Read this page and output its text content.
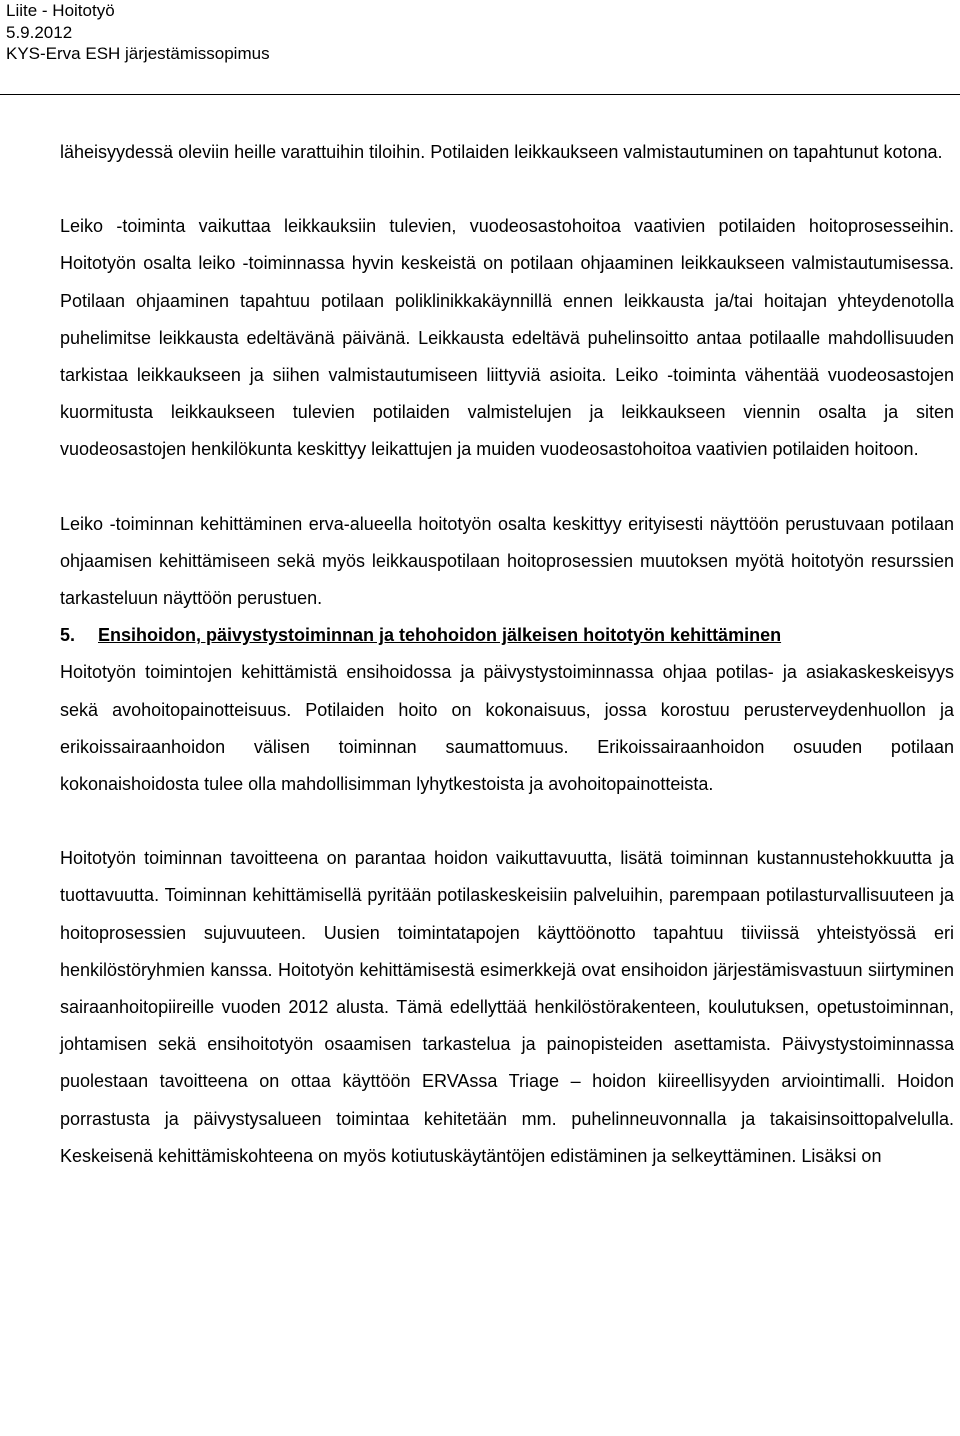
Liite - Hoitotyö
5.9.2012
KYS-Erva ESH järjestämissopimus

läheisyydessä oleviin heille varattuihin tiloihin. Potilaiden leikkaukseen valmistautuminen on tapahtunut kotona.

Leiko -toiminta vaikuttaa leikkauksiin tulevien, vuodeosastohoitoa vaativien potilaiden hoitoprosesseihin. Hoitotyön osalta leiko -toiminnassa hyvin keskeistä on potilaan ohjaaminen leikkaukseen valmistautumisessa. Potilaan ohjaaminen tapahtuu potilaan poliklinikkakäynnillä ennen leikkausta ja/tai hoitajan yhteydenotolla puhelimitse leikkausta edeltävänä päivänä. Leikkausta edeltävä puhelinsoitto antaa potilaalle mahdollisuuden tarkistaa leikkaukseen ja siihen valmistautumiseen liittyviä asioita. Leiko -toiminta vähentää vuodeosastojen kuormitusta leikkaukseen tulevien potilaiden valmistelujen ja leikkaukseen viennin osalta ja siten vuodeosastojen henkilökunta keskittyy leikattujen ja muiden vuodeosastohoitoa vaativien potilaiden hoitoon.

Leiko -toiminnan kehittäminen erva-alueella hoitotyön osalta keskittyy erityisesti näyttöön perustuvaan potilaan ohjaamisen kehittämiseen sekä myös leikkauspotilaan hoitoprosessien muutoksen myötä hoitotyön resurssien tarkasteluun näyttöön perustuen.

5. Ensihoidon, päivystystoiminnan ja tehohoidon jälkeisen hoitotyön kehittäminen

Hoitotyön toimintojen kehittämistä ensihoidossa ja päivystystoiminnassa ohjaa potilas- ja asiakaskeskeisyys sekä avohoitopainotteisuus. Potilaiden hoito on kokonaisuus, jossa korostuu perusterveydenhuollon ja erikoissairaanhoidon välisen toiminnan saumattomuus. Erikoissairaanhoidon osuuden potilaan kokonaishoidosta tulee olla mahdollisimman lyhytkestoista ja avohoitopainotteista.

Hoitotyön toiminnan tavoitteena on parantaa hoidon vaikuttavuutta, lisätä toiminnan kustannustehokkuutta ja tuottavuutta. Toiminnan kehittämisellä pyritään potilaskeskeisiin palveluihin, parempaan potilasturvallisuuteen ja hoitoprosessien sujuvuuteen. Uusien toimintatapojen käyttöönotto tapahtuu tiiviissä yhteistyössä eri henkilöstöryhmien kanssa. Hoitotyön kehittämisestä esimerkkejä ovat ensihoidon järjestämisvastuun siirtyminen sairaanhoitopiireille vuoden 2012 alusta. Tämä edellyttää henkilöstörakenteen, koulutuksen, opetustoiminnan, johtamisen sekä ensihoitotyön osaamisen tarkastelua ja painopisteiden asettamista. Päivystystoiminnassa puolestaan tavoitteena on ottaa käyttöön ERVAssa Triage – hoidon kiireellisyyden arviointimalli. Hoidon porrastusta ja päivystysalueen toimintaa kehitetään mm. puhelinneuvonnalla ja takaisinsoittopalvelulla. Keskeisenä kehittämiskohteena on myös kotiutuskäytäntöjen edistäminen ja selkeyttäminen. Lisäksi on
